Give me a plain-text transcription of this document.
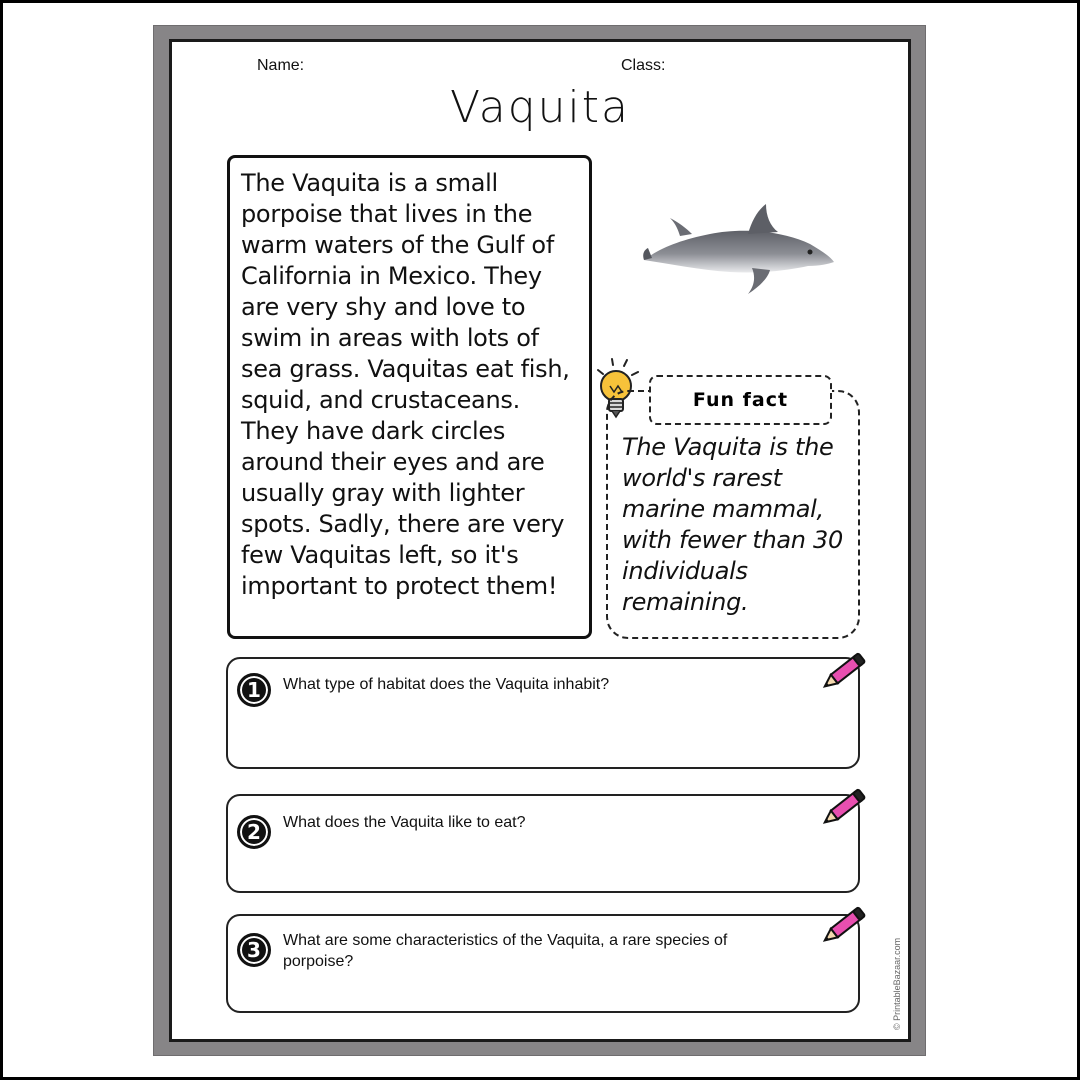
Name:	Class:
Vaquita

The Vaquita is a small porpoise that lives in the warm waters of the Gulf of California in Mexico. They are very shy and love to swim in areas with lots of sea grass. Vaquitas eat fish, squid, and crustaceans. They have dark circles around their eyes and are usually gray with lighter spots. Sadly, there are very few Vaquitas left, so it's important to protect them!

Fun fact

The Vaquita is the world's rarest marine mammal, with fewer than 30 individuals remaining.

1	What type of habitat does the Vaquita inhabit?

2	What does the Vaquita like to eat?

3	What are some characteristics of the Vaquita, a rare species of porpoise?	© PrintableBazaar.com
